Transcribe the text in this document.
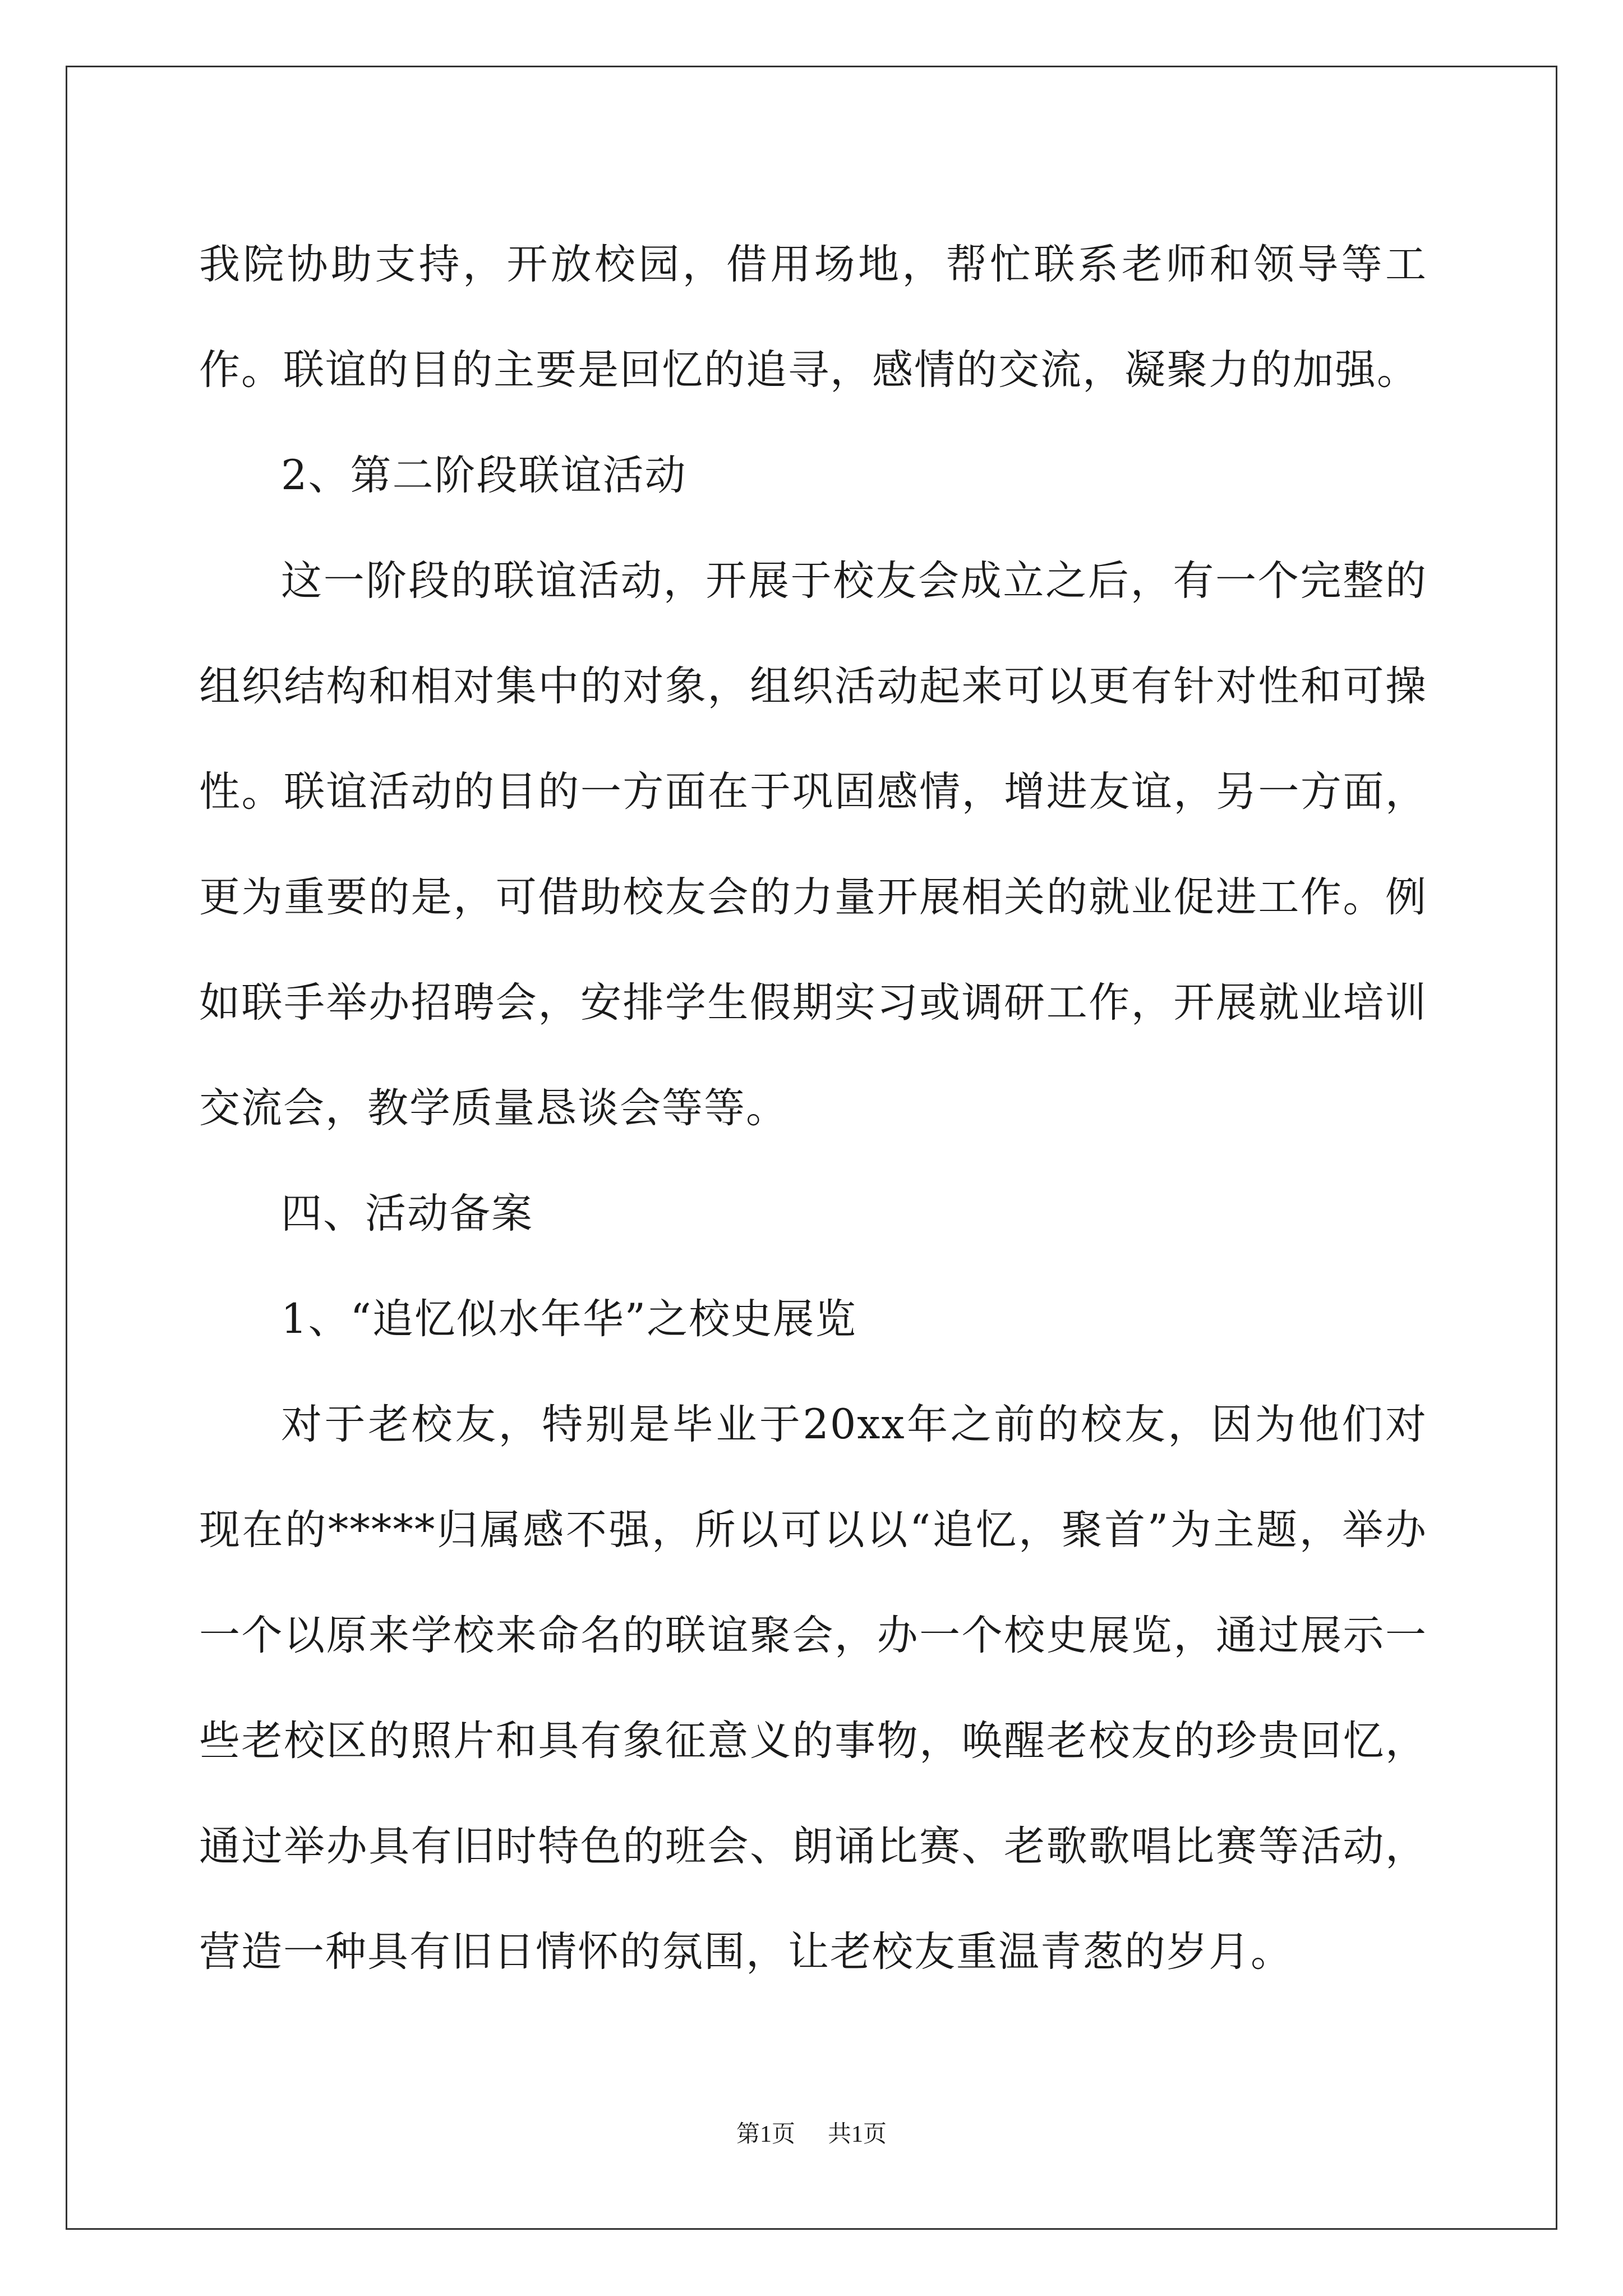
我院协助支持，开放校园，借用场地，帮忙联系老师和领导等工作。联谊的目的主要是回忆的追寻，感情的交流，凝聚力的加强。

2、第二阶段联谊活动

这一阶段的联谊活动，开展于校友会成立之后，有一个完整的组织结构和相对集中的对象，组织活动起来可以更有针对性和可操性。联谊活动的目的一方面在于巩固感情，增进友谊，另一方面，更为重要的是，可借助校友会的力量开展相关的就业促进工作。例如联手举办招聘会，安排学生假期实习或调研工作，开展就业培训交流会，教学质量恳谈会等等。

四、活动备案

1、“追忆似水年华”之校史展览

对于老校友，特别是毕业于20xx年之前的校友，因为他们对现在的*****归属感不强，所以可以以“追忆，聚首”为主题，举办一个以原来学校来命名的联谊聚会，办一个校史展览，通过展示一些老校区的照片和具有象征意义的事物，唤醒老校友的珍贵回忆，通过举办具有旧时特色的班会、朗诵比赛、老歌歌唱比赛等活动，营造一种具有旧日情怀的氛围，让老校友重温青葱的岁月。

第1页 共1页
